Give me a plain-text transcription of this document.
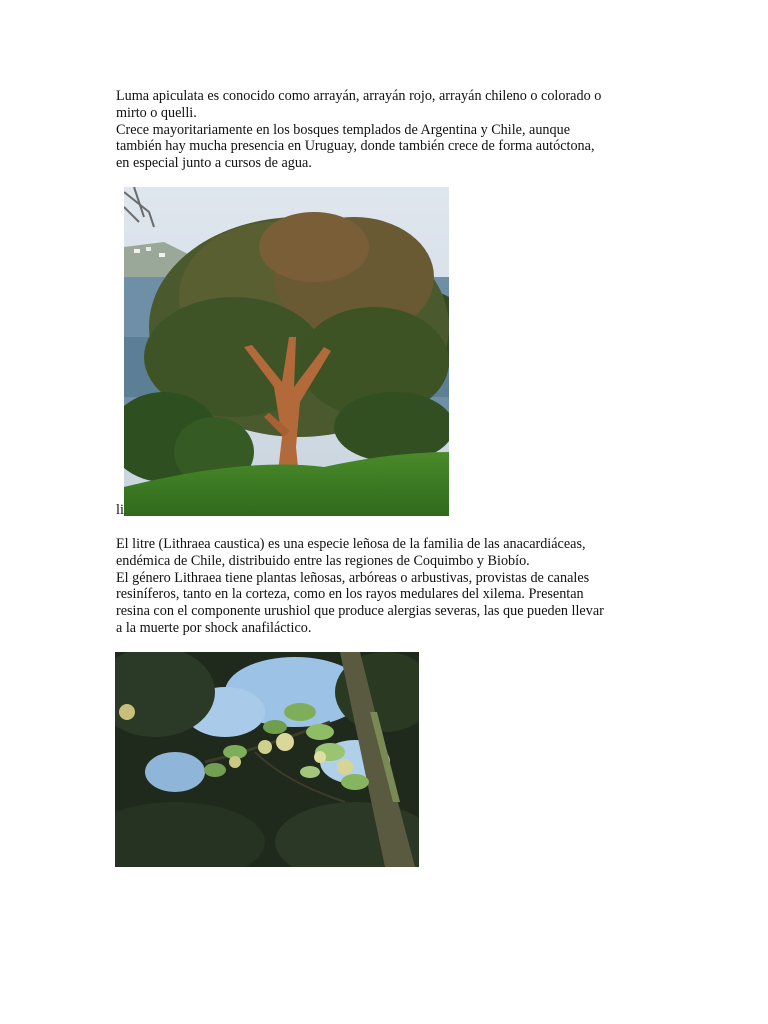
Luma apiculata es conocido como arrayán, arrayán rojo, arrayán chileno o colorado o

mirto o quelli.

Crece mayoritariamente en los bosques templados de Argentina y Chile, aunque

también hay mucha presencia en Uruguay, donde también crece de forma autóctona,

en especial junto a cursos de agua.

li

El litre (Lithraea caustica) es una especie leñosa de la familia de las anacardiáceas,

endémica de Chile, distribuido entre las regiones de Coquimbo y Biobío.

El género Lithraea tiene plantas leñosas, arbóreas o arbustivas, provistas de canales

resiníferos, tanto en la corteza, como en los rayos medulares del xilema. Presentan

resina con el componente urushiol que produce alergias severas, las que pueden llevar

a la muerte por shock anafiláctico.
